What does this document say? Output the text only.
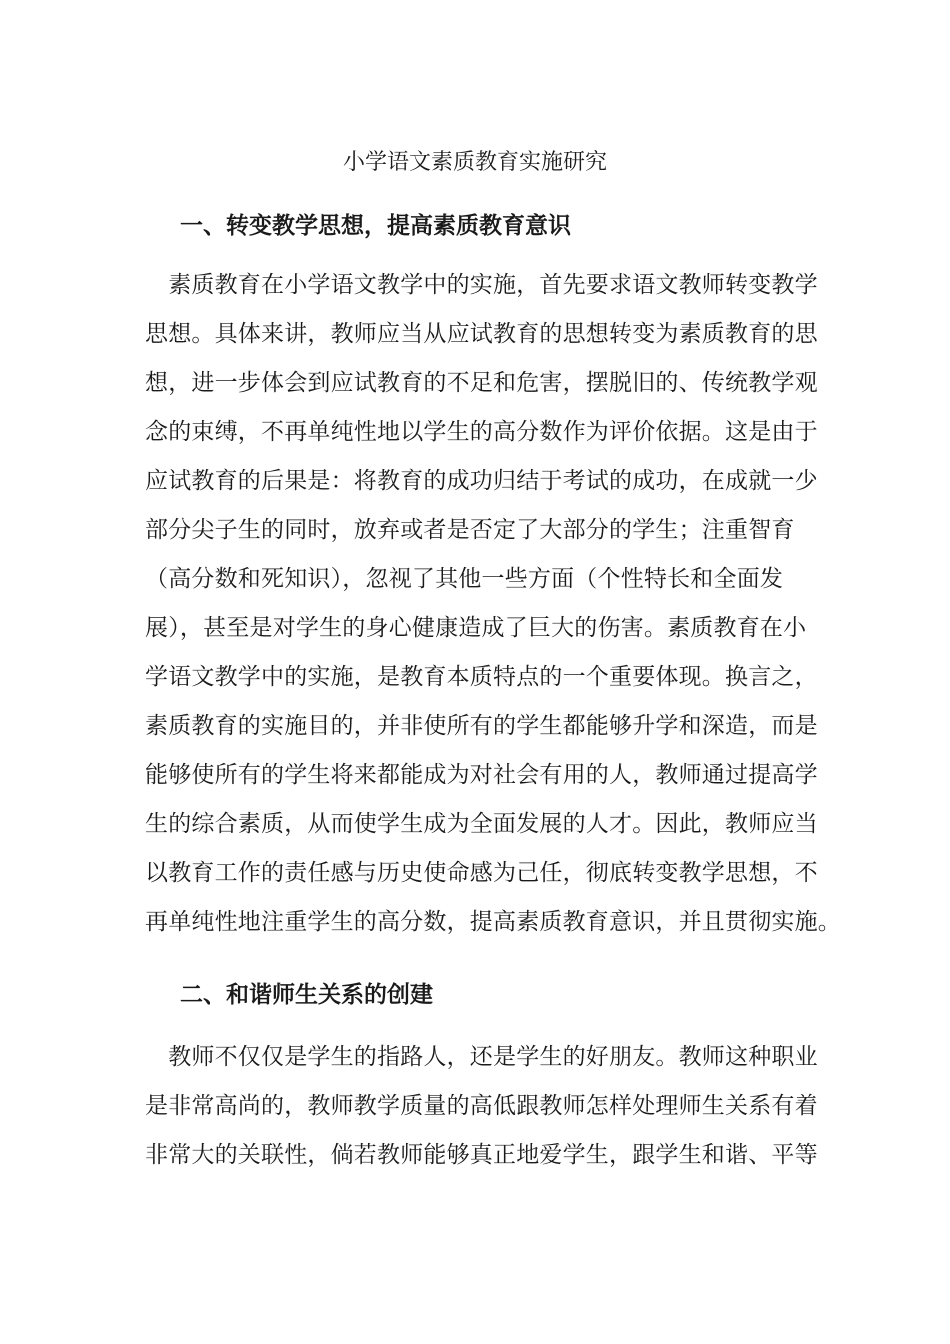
小学语文素质教育实施研究
一、转变教学思想，提高素质教育意识
　素质教育在小学语文教学中的实施，首先要求语文教师转变教学
思想。具体来讲，教师应当从应试教育的思想转变为素质教育的思
想，进一步体会到应试教育的不足和危害，摆脱旧的、传统教学观
念的束缚，不再单纯性地以学生的高分数作为评价依据。这是由于
应试教育的后果是：将教育的成功归结于考试的成功，在成就一少
部分尖子生的同时，放弃或者是否定了大部分的学生；注重智育
（高分数和死知识），忽视了其他一些方面（个性特长和全面发
展），甚至是对学生的身心健康造成了巨大的伤害。素质教育在小
学语文教学中的实施，是教育本质特点的一个重要体现。换言之，
素质教育的实施目的，并非使所有的学生都能够升学和深造，而是
能够使所有的学生将来都能成为对社会有用的人，教师通过提高学
生的综合素质，从而使学生成为全面发展的人才。因此，教师应当
以教育工作的责任感与历史使命感为己任，彻底转变教学思想，不
再单纯性地注重学生的高分数，提高素质教育意识，并且贯彻实施。
二、和谐师生关系的创建
　教师不仅仅是学生的指路人，还是学生的好朋友。教师这种职业
是非常高尚的，教师教学质量的高低跟教师怎样处理师生关系有着
非常大的关联性，倘若教师能够真正地爱学生，跟学生和谐、平等
